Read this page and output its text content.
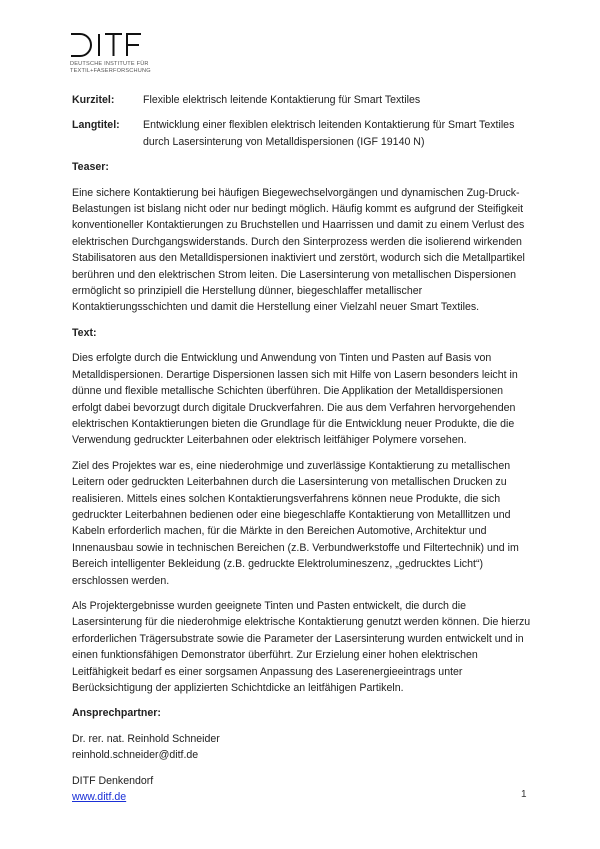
DEUTSCHE INSTITUTE FÜR
TEXTIL+FASERFORSCHUNG
Kurzitel:	Flexible elektrisch leitende Kontaktierung für Smart Textiles
Langtitel:	Entwicklung einer flexiblen elektrisch leitenden Kontaktierung für Smart Textiles durch Lasersinterung von Metalldispersionen (IGF 19140 N)
Teaser:

Eine sichere Kontaktierung bei häufigen Biegewechselvorgängen und dynamischen Zug-Druck-Belastungen ist bislang nicht oder nur bedingt möglich. Häufig kommt es aufgrund der Steifigkeit konventioneller Kontaktierungen zu Bruchstellen und Haarrissen und damit zu einem Verlust des elektrischen Durchgangswiderstands. Durch den Sinterprozess werden die isolierend wirkenden Stabilisatoren aus den Metalldispersionen inaktiviert und zerstört, wodurch sich die Metallpartikel berühren und den elektrischen Strom leiten. Die Lasersinterung von metallischen Dispersionen ermöglicht so prinzipiell die Herstellung dünner, biegeschlaffer metallischer Kontaktierungsschichten und damit die Herstellung einer Vielzahl neuer Smart Textiles.

Text:

Dies erfolgte durch die Entwicklung und Anwendung von Tinten und Pasten auf Basis von Metalldispersionen. Derartige Dispersionen lassen sich mit Hilfe von Lasern besonders leicht in dünne und flexible metallische Schichten überführen. Die Applikation der Metalldispersionen erfolgt dabei bevorzugt durch digitale Druckverfahren. Die aus dem Verfahren hervorgehenden elektrischen Kontaktierungen bieten die Grundlage für die Entwicklung neuer Produkte, die die Verwendung gedruckter Leiterbahnen oder elektrisch leitfähiger Polymere vorsehen.

Ziel des Projektes war es, eine niederohmige und zuverlässige Kontaktierung zu metallischen Leitern oder gedruckten Leiterbahnen durch die Lasersinterung von metallischen Drucken zu realisieren. Mittels eines solchen Kontaktierungsverfahrens können neue Produkte, die sich gedruckter Leiterbahnen bedienen oder eine biegeschlaffe Kontaktierung von Metalllitzen und Kabeln erforderlich machen, für die Märkte in den Bereichen Automotive, Architektur und Innenausbau sowie in technischen Bereichen (z.B. Verbundwerkstoffe und Filtertechnik) und im Bereich intelligenter Bekleidung (z.B. gedruckte Elektrolumineszenz, „gedrucktes Licht“) erschlossen werden.

Als Projektergebnisse wurden geeignete Tinten und Pasten entwickelt, die durch die Lasersinterung für die niederohmige elektrische Kontaktierung genutzt werden können. Die hierzu erforderlichen Trägersubstrate sowie die Parameter der Lasersinterung wurden entwickelt und in einen funktionsfähigen Demonstrator überführt. Zur Erzielung einer hohen elektrischen Leitfähigkeit bedarf es einer sorgsamen Anpassung des Laserenergieeintrags unter Berücksichtigung der applizierten Schichtdicke an leitfähigen Partikeln.

Ansprechpartner:

Dr. rer. nat. Reinhold Schneider
reinhold.schneider@ditf.de

DITF Denkendorf
www.ditf.de	1
